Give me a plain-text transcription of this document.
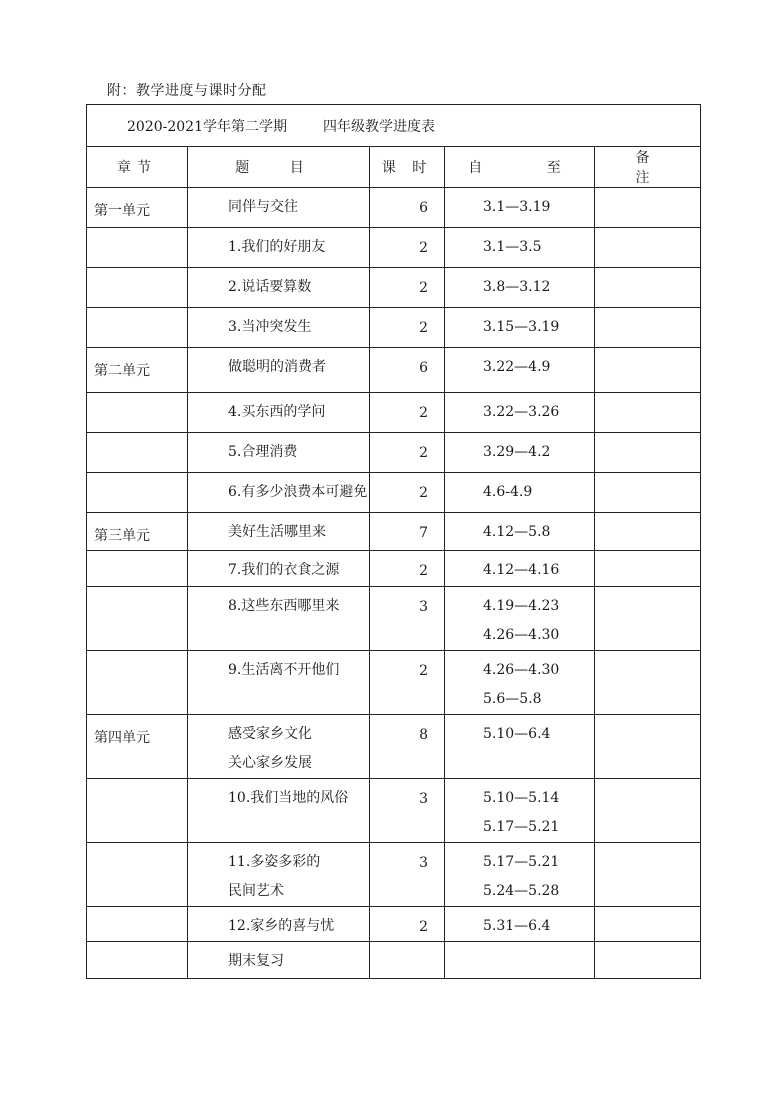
附：教学进度与课时分配
2020-2021学年第二学期 四年级教学进度表				

章节	题 目	课 时	自 至	备 注
第一单元	同伴与交往	6	3.1—3.19	

	1.我们的好朋友	2	3.1—3.5	

	2.说话要算数	2	3.8—3.12	

	3.当冲突发生	2	3.15—3.19	

第二单元	做聪明的消费者	6	3.22—4.9	

	4.买东西的学问	2	3.22—3.26	

	5.合理消费	2	3.29—4.2	

	6.有多少浪费本可避免	2	4.6-4.9	

第三单元	美好生活哪里来	7	4.12—5.8	

	7.我们的衣食之源	2	4.12—4.16	

	8.这些东西哪里来	3	4.19—4.23
4.26—4.30	

	9.生活离不开他们	2	4.26—4.30
5.6—5.8	

第四单元	感受家乡文化
关心家乡发展	8	5.10—6.4	

	10.我们当地的风俗	3	5.10—5.14
5.17—5.21	

	11.多姿多彩的
民间艺术	3	5.17—5.21
5.24—5.28	

	12.家乡的喜与忧	2	5.31—6.4	

	期末复习			
